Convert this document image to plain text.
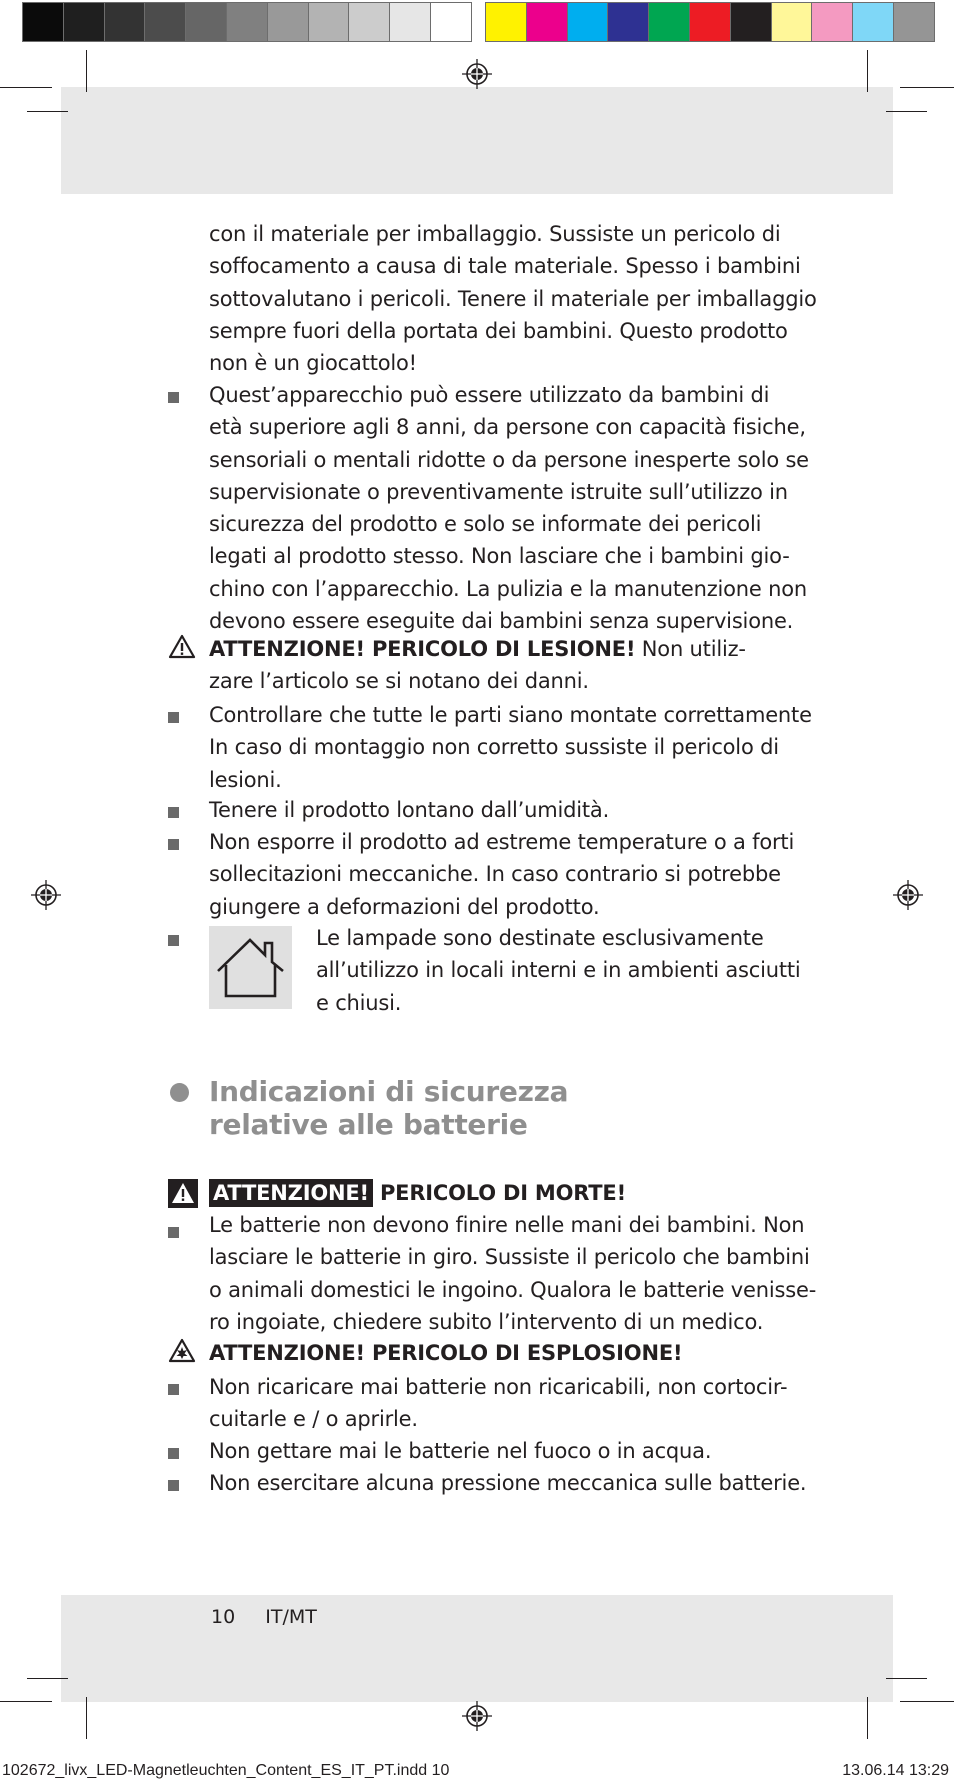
con il materiale per imballaggio. Sussiste un pericolo di
soffocamento a causa di tale materiale. Spesso i bambini
sottovalutano i pericoli. Tenere il materiale per imballaggio
sempre fuori della portata dei bambini. Questo prodotto
non è un giocattolo!
Quest’apparecchio può essere utilizzato da bambini di
età superiore agli 8 anni, da persone con capacità fisiche,
sensoriali o mentali ridotte o da persone inesperte solo se
supervisionate o preventivamente istruite sull’utilizzo in
sicurezza del prodotto e solo se informate dei pericoli
legati al prodotto stesso. Non lasciare che i bambini gio-
chino con l’apparecchio. La pulizia e la manutenzione non
devono essere eseguite dai bambini senza supervisione.
ATTENZIONE! PERICOLO DI LESIONE! Non utiliz-
zare l’articolo se si notano dei danni.
Controllare che tutte le parti siano montate correttamente
In caso di montaggio non corretto sussiste il pericolo di
lesioni.
Tenere il prodotto lontano dall’umidità.
Non esporre il prodotto ad estreme temperature o a forti
sollecitazioni meccaniche. In caso contrario si potrebbe
giungere a deformazioni del prodotto.
Le lampade sono destinate esclusivamente
all’utilizzo in locali interni e in ambienti asciutti
e chiusi.
Indicazioni di sicurezza
relative alle batterie
ATTENZIONE! PERICOLO DI MORTE!
Le batterie non devono finire nelle mani dei bambini. Non
lasciare le batterie in giro. Sussiste il pericolo che bambini
o animali domestici le ingoino. Qualora le batterie venisse-
ro ingoiate, chiedere subito l’intervento di un medico.
ATTENZIONE! PERICOLO DI ESPLOSIONE!
Non ricaricare mai batterie non ricaricabili, non cortocir-
cuitarle e / o aprirle.
Non gettare mai le batterie nel fuoco o in acqua.
Non esercitare alcuna pressione meccanica sulle batterie.
10 IT/MT
102672_livx_LED-Magnetleuchten_Content_ES_IT_PT.indd 10	13.06.14 13:29
